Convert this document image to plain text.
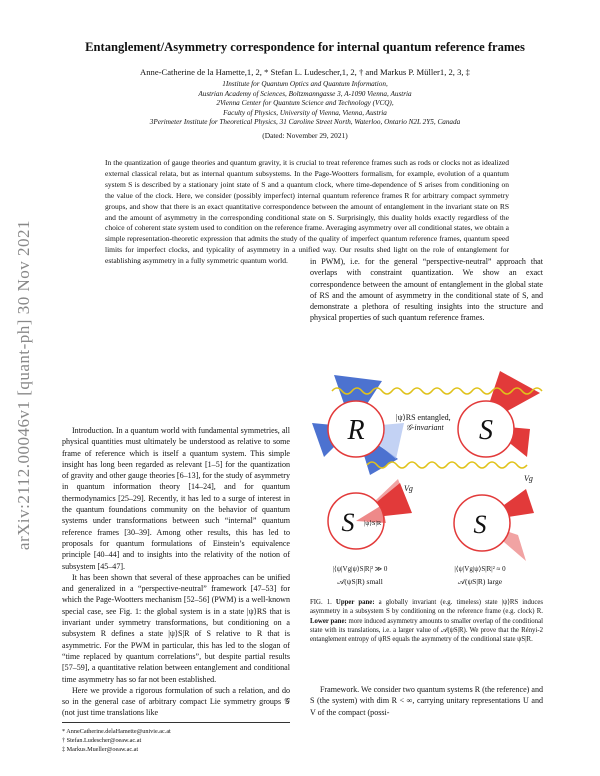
arXiv:2112.00046v1 [quant-ph] 30 Nov 2021
Entanglement/Asymmetry correspondence for internal quantum reference frames
Anne-Catherine de la Hamette,1, 2, * Stefan L. Ludescher,1, 2, † and Markus P. Müller1, 2, 3, ‡
1Institute for Quantum Optics and Quantum Information,
Austrian Academy of Sciences, Boltzmanngasse 3, A-1090 Vienna, Austria
2Vienna Center for Quantum Science and Technology (VCQ),
Faculty of Physics, University of Vienna, Vienna, Austria
3Perimeter Institute for Theoretical Physics, 31 Caroline Street North, Waterloo, Ontario N2L 2Y5, Canada
(Dated: November 29, 2021)
In the quantization of gauge theories and quantum gravity, it is crucial to treat reference frames such as rods or clocks not as idealized external classical relata, but as internal quantum subsystems. In the Page-Wootters formalism, for example, evolution of a quantum system S is described by a stationary joint state of S and a quantum clock, where time-dependence of S arises from conditioning on the value of the clock. Here, we consider (possibly imperfect) internal quantum reference frames R for arbitrary compact symmetry groups, and show that there is an exact quantitative correspondence between the amount of entanglement in the invariant state on RS and the amount of asymmetry in the corresponding conditional state on S. Surprisingly, this duality holds exactly regardless of the choice of coherent state system used to condition on the reference frame. Averaging asymmetry over all conditional states, we obtain a simple representation-theoretic expression that admits the study of the quality of imperfect quantum reference frames, quantum speed limits for imperfect clocks, and typicality of asymmetry in a unified way. Our results shed light on the role of entanglement for establishing asymmetry in a fully symmetric quantum world.

Introduction. In a quantum world with fundamental symmetries, all physical quantities must ultimately be understood as relative to some frame of reference which is itself a quantum system. This simple insight has long been regarded as relevant [1–5] for the quantization of gravity and other gauge theories [6–13], for the study of asymmetry in quantum information theory [14–24], and for quantum thermodynamics [25–29]. Recently, it has led to a surge of interest in the quantum foundations community on the behavior of quantum systems under transformations between such “internal” quantum reference frames [30–39]. Among other results, this has led to proposals for quantum formulations of Einstein’s equivalence principle [40–44] and to insights into the relativity of the notion of subsystem [45–47].

It has been shown that several of these approaches can be unified and generalized in a “perspective-neutral” framework [47–53] for which the Page-Wootters mechanism [52–56] (PWM) is a well-known special case, see Fig. 1: the global system is in a state |ψ⟩RS that is invariant under symmetry transformations, but conditioning on a subsystem R defines a state |ψ⟩S|R of S relative to R that is asymmetric. For the PWM in particular, this has led to the slogan of “time replaced by quantum correlations”, but despite partial results [57–59], a quantitative relation between entanglement and conditional time asymmetry has so far not been established.

Here we provide a rigorous formulation of such a relation, and do so in the general case of arbitrary compact Lie symmetry groups 𝒢 (not just time translations like

in PWM), i.e. for the general “perspective-neutral” approach that overlaps with constraint quantization. We show an exact correspondence between the amount of entanglement in the global state of RS and the amount of asymmetry in the conditional state of S, and demonstrate a plethora of resulting insights into the structure and physical properties of such quantum reference frames.

R	S
|ψ⟩RS entangled,
𝒢-invariant
S |ψ⟩S|R
Vg
S
Vg
|⟨ψ|Vg|ψ⟩S|R|² ≫ 0
𝒜(ψS|R) small
|⟨ψ|Vg|ψ⟩S|R|² ≈ 0
𝒜(ψS|R) large
FIG. 1. Upper pane: a globally invariant (e.g. timeless) state |ψ⟩RS induces asymmetry in a subsystem S by conditioning on the reference frame (e.g. clock) R. Lower pane: more induced asymmetry amounts to smaller overlap of the conditional state with its translations, i.e. a larger value of 𝒜(ψS|R). We prove that the Rényi-2 entanglement entropy of ψRS equals the asymmetry of the conditional state ψS|R.
Framework. We consider two quantum systems R (the reference) and S (the system) with dim R < ∞, carrying unitary representations U and V of the compact (possi-
* AnneCatherine.delaHamette@univie.ac.at
† Stefan.Ludescher@oeaw.ac.at
‡ Markus.Mueller@oeaw.ac.at
